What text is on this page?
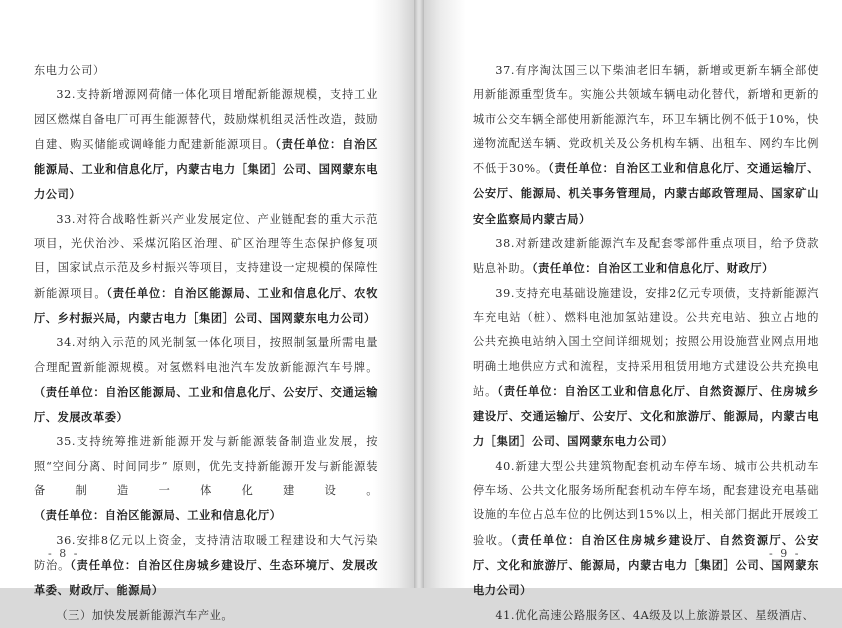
东电力公司）

32.支持新增源网荷储一体化项目增配新能源规模，支持工业园区燃煤自备电厂可再生能源替代，鼓励煤机组灵活性改造，鼓励自建、购买储能或调峰能力配建新能源项目。（责任单位：自治区能源局、工业和信息化厅，内蒙古电力［集团］公司、国网蒙东电力公司）

33.对符合战略性新兴产业发展定位、产业链配套的重大示范项目，光伏治沙、采煤沉陷区治理、矿区治理等生态保护修复项目，国家试点示范及乡村振兴等项目，支持建设一定规模的保障性新能源项目。（责任单位：自治区能源局、工业和信息化厅、农牧厅、乡村振兴局，内蒙古电力［集团］公司、国网蒙东电力公司）

34.对纳入示范的风光制氢一体化项目，按照制氢量所需电量合理配置新能源规模。对氢燃料电池汽车发放新能源汽车号牌。（责任单位：自治区能源局、工业和信息化厅、公安厅、交通运输厅、发展改革委）

35.支持统筹推进新能源开发与新能源装备制造业发展，按照“空间分离、时间同步” 原则，优先支持新能源开发与新能源装备制造一体化建设。（责任单位：自治区能源局、工业和信息化厅）

36.安排8亿元以上资金，支持清洁取暖工程建设和大气污染防治。（责任单位：自治区住房城乡建设厅、生态环境厅、发展改革委、财政厅、能源局）

（三）加快发展新能源汽车产业。

- 8 -

37.有序淘汰国三以下柴油老旧车辆，新增或更新车辆全部使用新能源重型货车。实施公共领域车辆电动化替代，新增和更新的城市公交车辆全部使用新能源汽车，环卫车辆比例不低于10%，快递物流配送车辆、党政机关及公务机构车辆、出租车、网约车比例不低于30%。（责任单位：自治区工业和信息化厅、交通运输厅、公安厅、能源局、机关事务管理局，内蒙古邮政管理局、国家矿山安全监察局内蒙古局）

38.对新建改建新能源汽车及配套零部件重点项目，给予贷款贴息补助。（责任单位：自治区工业和信息化厅、财政厅）

39.支持充电基础设施建设，安排2亿元专项债，支持新能源汽车充电站（桩）、燃料电池加氢站建设。公共充电站、独立占地的公共充换电站纳入国土空间详细规划；按照公用设施营业网点用地明确土地供应方式和流程，支持采用租赁用地方式建设公共充换电站。（责任单位：自治区工业和信息化厅、自然资源厅、住房城乡建设厅、交通运输厅、公安厅、文化和旅游厅、能源局，内蒙古电力［集团］公司、国网蒙东电力公司）

40.新建大型公共建筑物配套机动车停车场、城市公共机动车停车场、公共文化服务场所配套机动车停车场，配套建设充电基础设施的车位占总车位的比例达到15%以上，相关部门据此开展竣工验收。（责任单位：自治区住房城乡建设厅、自然资源厅、公安厅、文化和旅游厅、能源局，内蒙古电力［集团］公司、国网蒙东电力公司）

41.优化高速公路服务区、4A级及以上旅游景区、星级酒店、

- 9 -
